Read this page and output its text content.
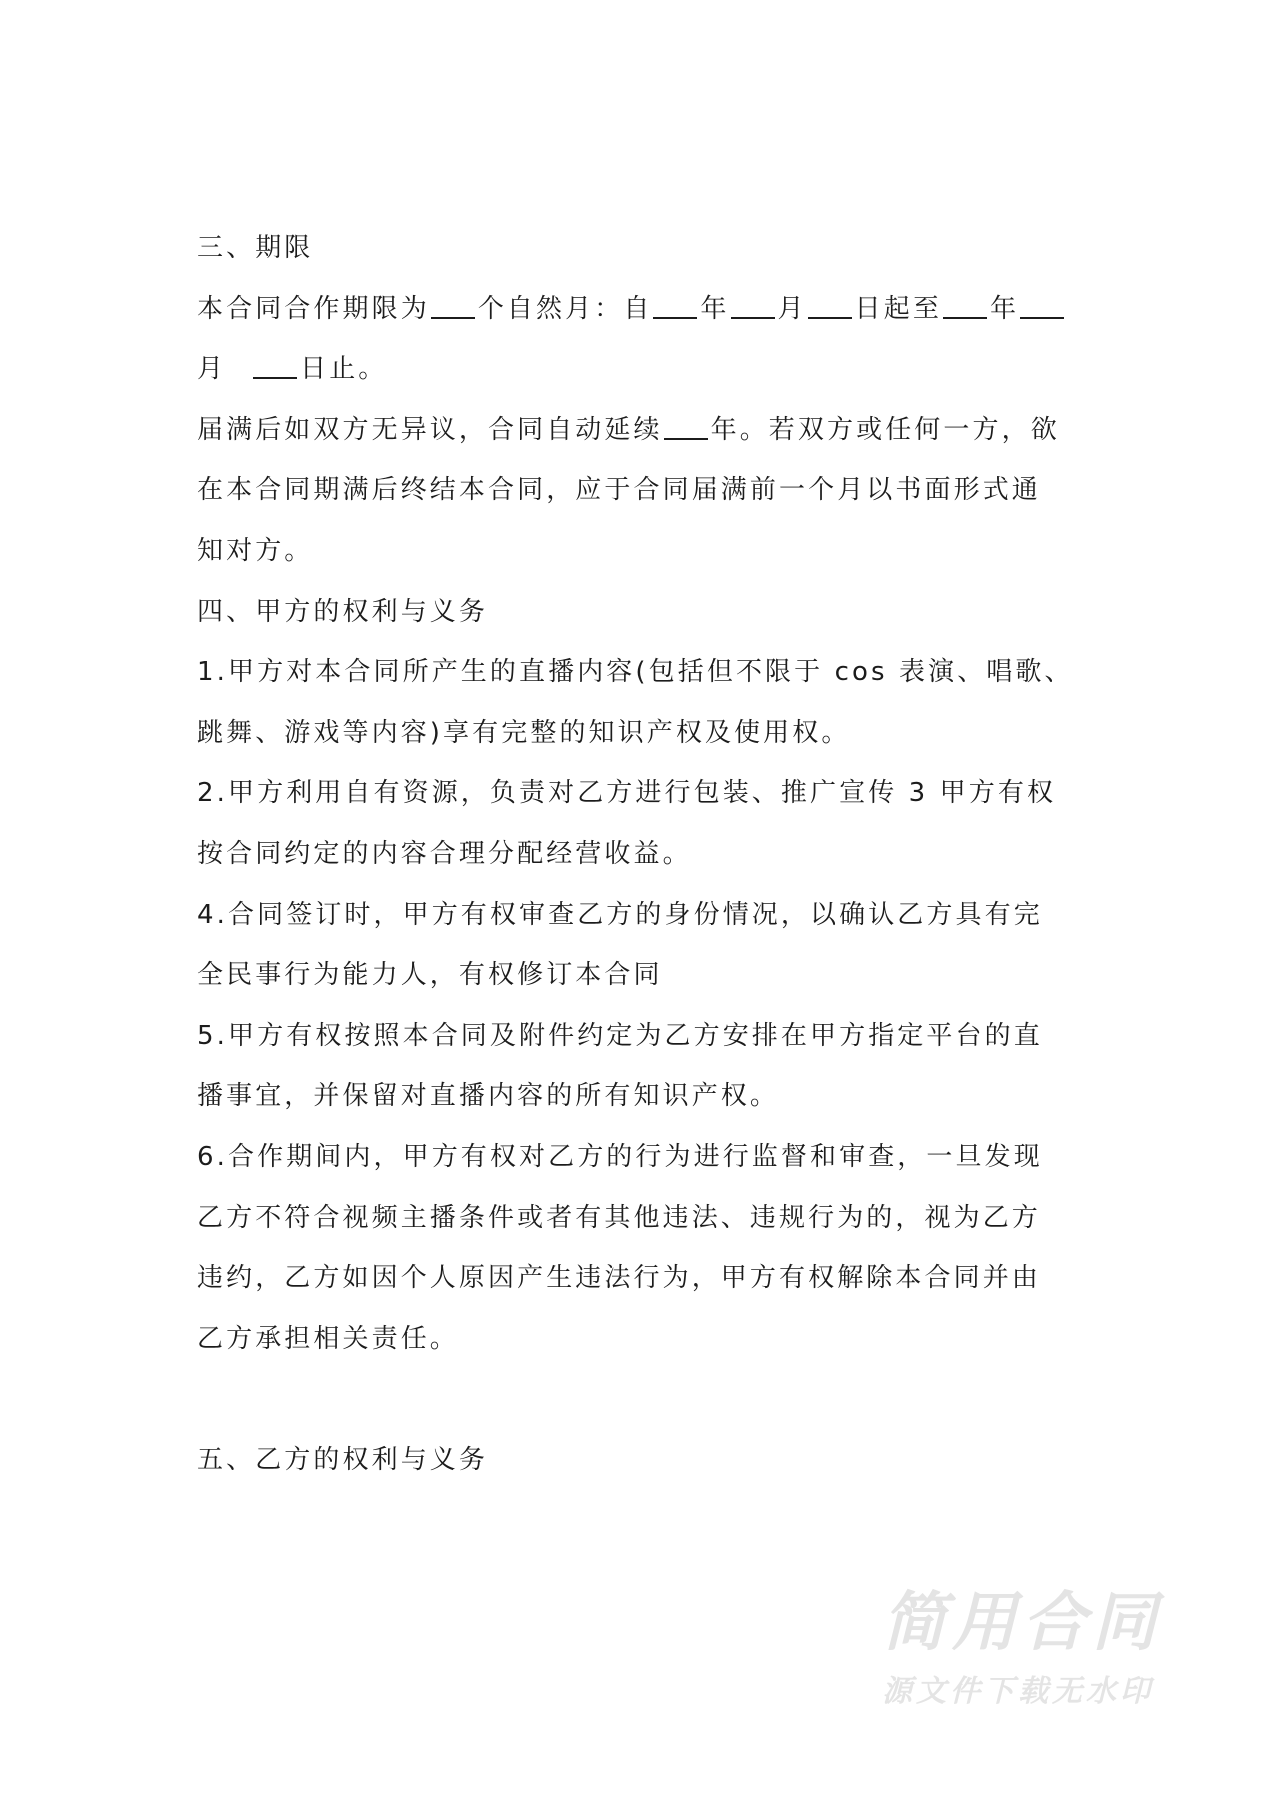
三、期限
本合同合作期限为 个自然月：自 年 月 日起至 年
月	日止。
届满后如双方无异议，合同自动延续 年。若双方或任何一方，欲
在本合同期满后终结本合同，应于合同届满前一个月以书面形式通
知对方。
四、甲方的权利与义务
1.甲方对本合同所产生的直播内容(包括但不限于 cos 表演、唱歌、
跳舞、游戏等内容)享有完整的知识产权及使用权。
2.甲方利用自有资源，负责对乙方进行包装、推广宣传 3 甲方有权
按合同约定的内容合理分配经营收益。
4.合同签订时，甲方有权审查乙方的身份情况，以确认乙方具有完
全民事行为能力人，有权修订本合同
5.甲方有权按照本合同及附件约定为乙方安排在甲方指定平台的直
播事宜，并保留对直播内容的所有知识产权。
6.合作期间内，甲方有权对乙方的行为进行监督和审查，一旦发现
乙方不符合视频主播条件或者有其他违法、违规行为的，视为乙方
违约，乙方如因个人原因产生违法行为，甲方有权解除本合同并由
乙方承担相关责任。
五、乙方的权利与义务
简用合同
源文件下载无水印
